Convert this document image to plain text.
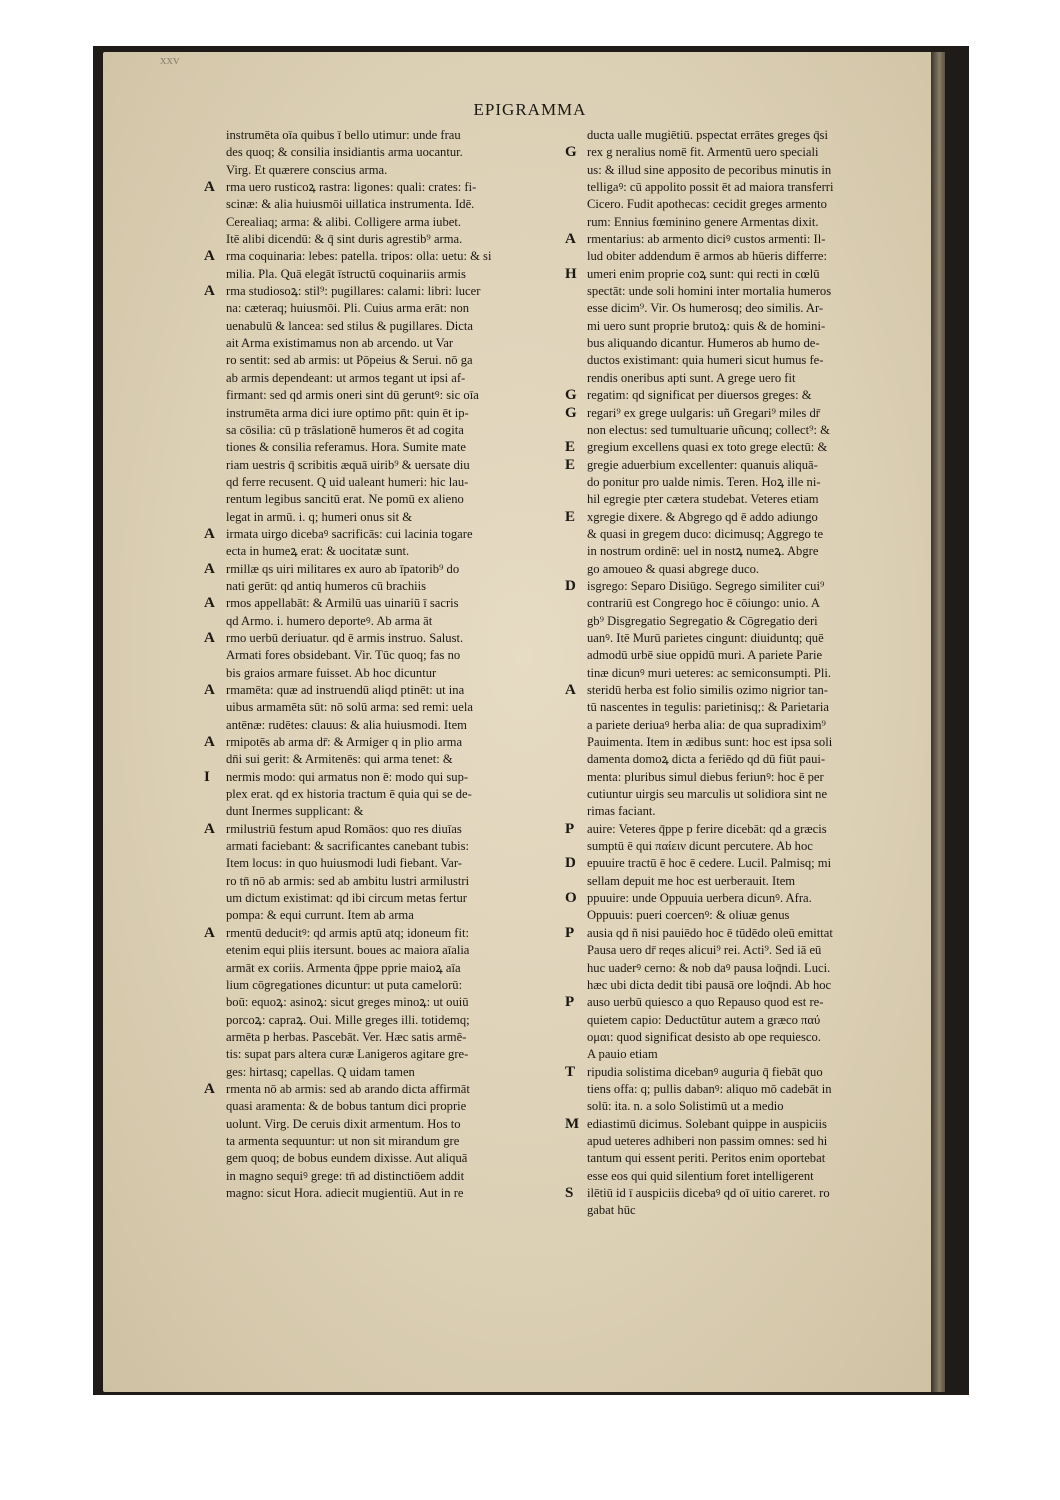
xxv
EPIGRAMMA
instrumēta oīa quibus ī bello utimur: unde frau
des quoq; & consilia insidiantis arma uocantur.
Virg. Et quærere conscius arma.
A rma uero rusticoꝝ rastra: ligones: quali: crates: fi-
scinæ: & alia huiusmōi uillatica instrumenta. Idē.
Cerealiaq; arma: & alibi. Colligere arma iubet.
Itē alibi dicendū: & q̄ sint duris agrestib⁹ arma.
A rma coquinaria: lebes: patella. tripos: olla: uetu: & si
milia. Pla. Quā elegāt īstructū coquinariis armis
A rma studiosoꝝ: stil⁹: pugillares: calami: libri: lucer
na: cæteraq; huiusmōi. Pli. Cuius arma erāt: non
uenabulū & lancea: sed stilus & pugillares. Dicta
ait Arma existimamus non ab arcendo. ut Var
ro sentit: sed ab armis: ut Pōpeius & Serui. nō ga
ab armis dependeant: ut armos tegant ut ipsi af-
firmant: sed qd armis oneri sint dū geruntꝰ: sic oīa
instrumēta arma dici iure optimo pn̄t: quin ēt ip-
sa cōsilia: cū p trāslationē humeros ēt ad cogita
tiones & consilia referamus. Hora. Sumite mate
riam uestris q̄ scribitis æquā uirib⁹ & uersate diu
qd ferre recusent. Q uid ualeant humeri: hic lau-
rentum legibus sancitū erat. Ne pomū ex alieno
legat in armū. i. q; humeri onus sit &
A irmata uirgo dicebaꝰ sacrificās: cui lacinia togare
ecta in humeꝝ erat: & uocitatæ sunt.
A rmillæ qs uiri militares ex auro ab īpatorib⁹ do
nati gerūt: qd antiq humeros cū brachiis
A rmos appellabāt: & Armilū uas uinariū ī sacris
qd Armo. i. humero deporteꝰ. Ab arma āt
A rmo uerbū deriuatur. qd ē armis instruo. Salust.
Armati fores obsidebant. Vir. Tūc quoq; fas no
bis graios armare fuisset. Ab hoc dicuntur
A rmamēta: quæ ad instruendū aliqd ptinēt: ut ina
uibus armamēta sūt: nō solū arma: sed remi: uela
antēnæ: rudētes: clauus: & alia huiusmodi. Item
A rmipotēs ab arma dr̄: & Armiger q in plio arma
dn̄i sui gerit: & Armitenēs: qui arma tenet: &
I nermis modo: qui armatus non ē: modo qui sup-
plex erat. qd ex historia tractum ē quia qui se de-
dunt Inermes supplicant: &
A rmilustriū festum apud Romāos: quo res diuīas
armati faciebant: & sacrificantes canebant tubis:
Item locus: in quo huiusmodi ludi fiebant. Var-
ro tn̄ nō ab armis: sed ab ambitu lustri armilustri
um dictum existimat: qd ibi circum metas fertur
pompa: & equi currunt. Item ab arma
A rmentū deducitꝰ: qd armis aptū atq; idoneum fit:
etenim equi pliis itersunt. boues ac maiora aīalia
armāt ex coriis. Armenta q̄ppe pprie maioꝝ aīa
lium cōgregationes dicuntur: ut puta camelorū:
boū: equoꝝ: asinoꝝ: sicut greges minoꝝ: ut ouiū
porcoꝝ: capraꝝ. Oui. Mille greges illi. totidemq;
armēta p herbas. Pascebāt. Ver. Hæc satis armē-
tis: supat pars altera curæ Lanigeros agitare gre-
ges: hirtasq; capellas. Q uidam tamen
A rmenta nō ab armis: sed ab arando dicta affirmāt
quasi aramenta: & de bobus tantum dici proprie
uolunt. Virg. De ceruis dixit armentum. Hos to
ta armenta sequuntur: ut non sit mirandum gre
gem quoq; de bobus eundem dixisse. Aut aliquā
in magno sequiꝰ grege: tn̄ ad distinctiōem addit
magno: sicut Hora. adiecit mugientiū. Aut in re
ducta ualle mugiētiū. pspectat errātes greges q̄si
G rex g neralius nomē fit. Armentū uero speciali
us: & illud sine apposito de pecoribus minutis in
telligaꝰ: cū appolito possit ēt ad maiora transferri
Cicero. Fudit apothecas: cecidit greges armento
rum: Ennius fœminino genere Armentas dixit.
A rmentarius: ab armento diciꝰ custos armenti: Il-
lud obiter addendum ē armos ab hūeris differre:
H umeri enim proprie coꝝ sunt: qui recti in cœlū
spectāt: unde soli homini inter mortalia humeros
esse dicim⁹. Vir. Os humerosq; deo similis. Ar-
mi uero sunt proprie brutoꝝ: quis & de homini-
bus aliquando dicantur. Humeros ab humo de-
ductos existimant: quia humeri sicut humus fe-
rendis oneribus apti sunt. A grege uero fit
G regatim: qd significat per diuersos greges: &
G regari⁹ ex grege uulgaris: uñ Gregari⁹ miles dr̄
non electus: sed tumultuarie uñcunq; collect⁹: &
E gregium excellens quasi ex toto grege electū: &
E gregie aduerbium excellenter: quanuis aliquā-
do ponitur pro ualde nimis. Teren. Hoꝝ ille ni-
hil egregie pter cætera studebat. Veteres etiam
E xgregie dixere. & Abgrego qd ē addo adiungo
& quasi in gregem duco: dicimusq; Aggrego te
in nostrum ordinē: uel in nostꝝ numeꝝ. Abgre
go amoueo & quasi abgrege duco.
D isgrego: Separo Disiūgo. Segrego similiter cui⁹
contrariū est Congrego hoc ē cōiungo: unio. A
gb⁹ Disgregatio Segregatio & Cōgregatio deri
uanꝰ. Itē Murū parietes cingunt: diuiduntq; quē
admodū urbē siue oppidū muri. A pariete Parie
tinæ dicunꝰ muri ueteres: ac semiconsumpti. Pli.
A steridū herba est folio similis ozimo nigrior tan-
tū nascentes in tegulis: parietinisq;: & Parietaria
a pariete deriuaꝰ herba alia: de qua supradixim⁹
Pauimenta. Item in ædibus sunt: hoc est ipsa soli
damenta domoꝝ dicta a feriēdo qd dū fiūt paui-
menta: pluribus simul diebus feriunꝰ: hoc ē per
cutiuntur uirgis seu marculis ut solidiora sint ne
rimas faciant.
P auire: Veteres q̄ppe p ferire dicebāt: qd a græcis
sumptū ē qui παίειν dicunt percutere. Ab hoc
D epuuire tractū ē hoc ē cedere. Lucil. Palmisq; mi
sellam depuit me hoc est uerberauit. Item
O ppuuire: unde Oppuuia uerbera dicunꝰ. Afra.
Oppuuis: pueri coercenꝰ: & oliuæ genus
P ausia qd ñ nisi pauiēdo hoc ē tūdēdo oleū emittat
Pausa uero dr̄ reqes alicui⁹ rei. Acti⁹. Sed iā eū
huc uaderꝰ cerno: & nob daꝰ pausa loq̄ndi. Luci.
hæc ubi dicta dedit tibi pausā ore loq̄ndi. Ab hoc
P auso uerbū quiesco a quo Repauso quod est re-
quietem capio: Deductūtur autem a græco παύ
ομαι: quod significat desisto ab ope requiesco.
A pauio etiam
T ripudia solistima dicebanꝰ auguria q̄ fiebāt quo
tiens offa: q; pullis dabanꝰ: aliquo mō cadebāt in
solū: ita. n. a solo Solistimū ut a medio
M ediastimū dicimus. Solebant quippe in auspiciis
apud ueteres adhiberi non passim omnes: sed hi
tantum qui essent periti. Peritos enim oportebat
esse eos qui quid silentium foret intelligerent
S ilētiū id ī auspiciis dicebaꝰ qd oī uitio careret. ro
gabat hūc
